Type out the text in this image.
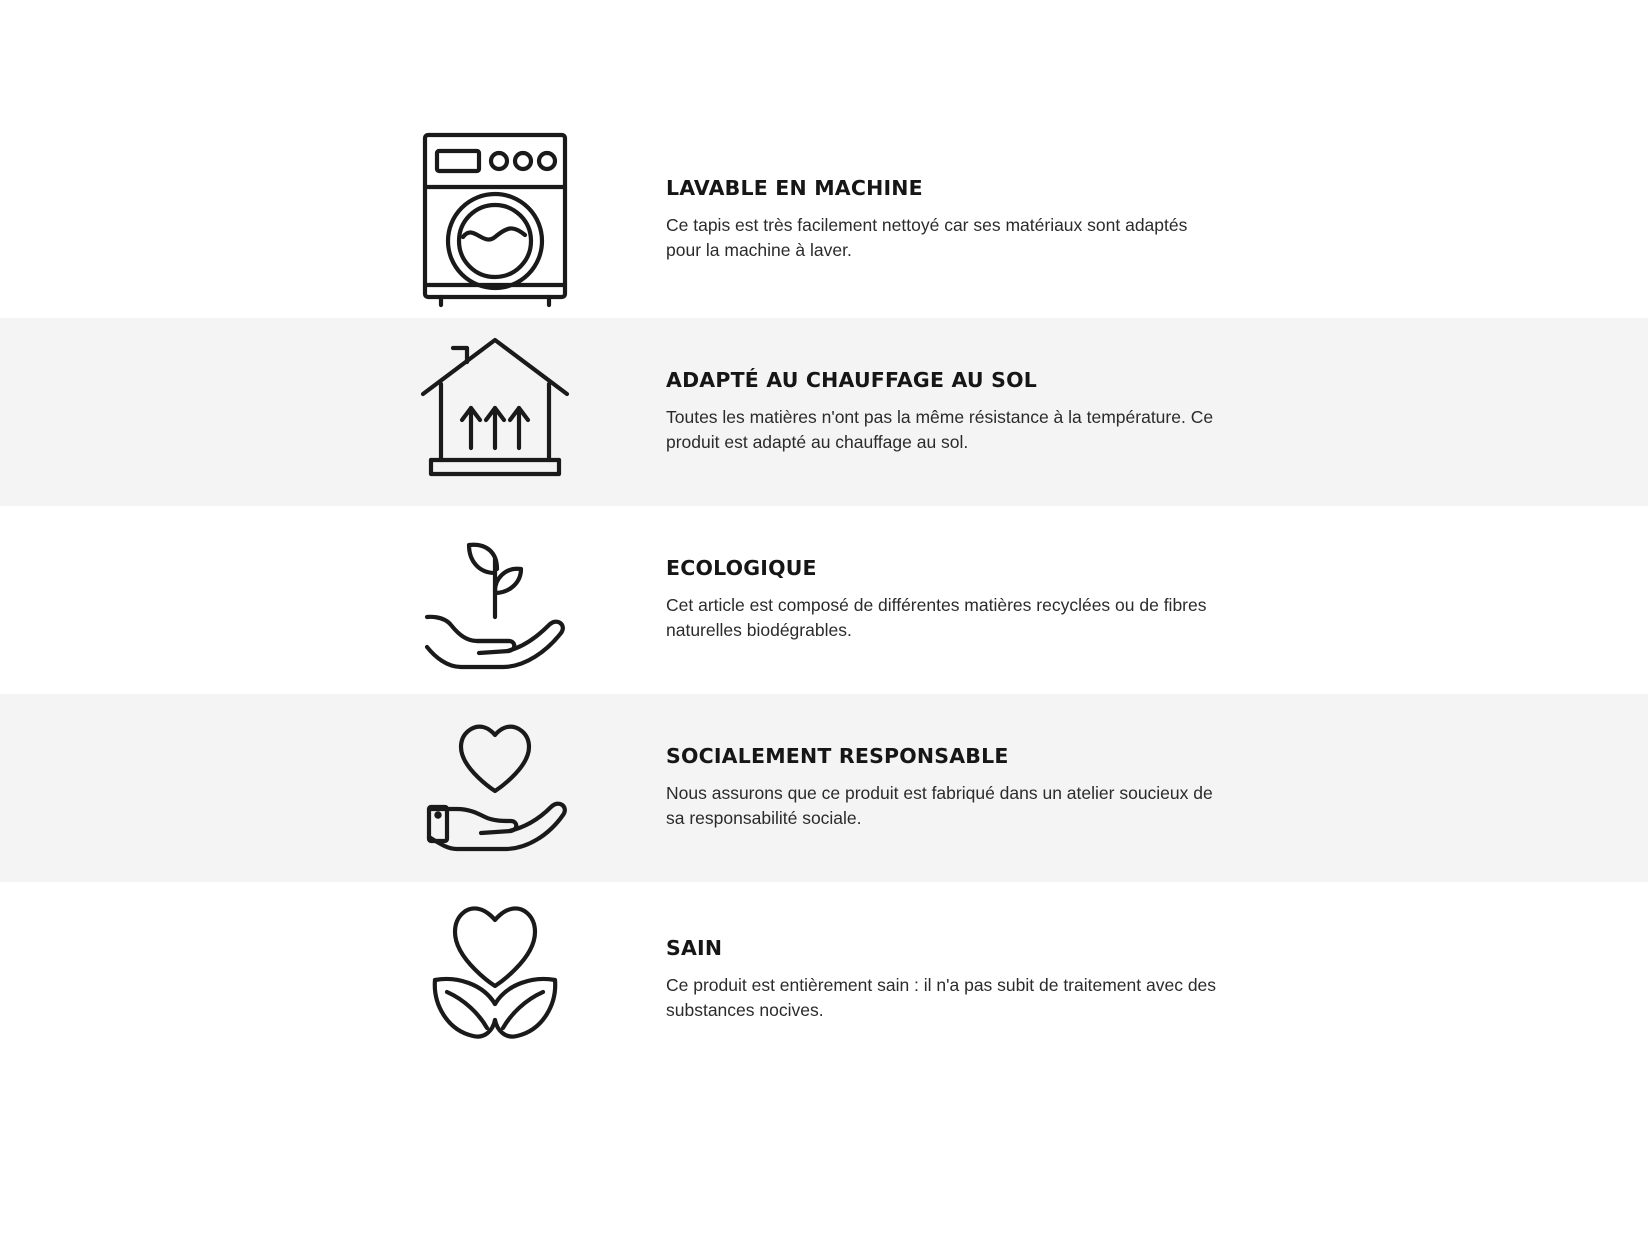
LAVABLE EN MACHINE

Ce tapis est très facilement nettoyé car ses matériaux sont adaptés pour la machine à laver.

ADAPTÉ AU CHAUFFAGE AU SOL

Toutes les matières n'ont pas la même résistance à la température. Ce produit est adapté au chauffage au sol.

ECOLOGIQUE

Cet article est composé de différentes matières recyclées ou de fibres naturelles biodégrables.

SOCIALEMENT RESPONSABLE

Nous assurons que ce produit est fabriqué dans un atelier soucieux de sa responsabilité sociale.

SAIN

Ce produit est entièrement sain : il n'a pas subit de traitement avec des substances nocives.
